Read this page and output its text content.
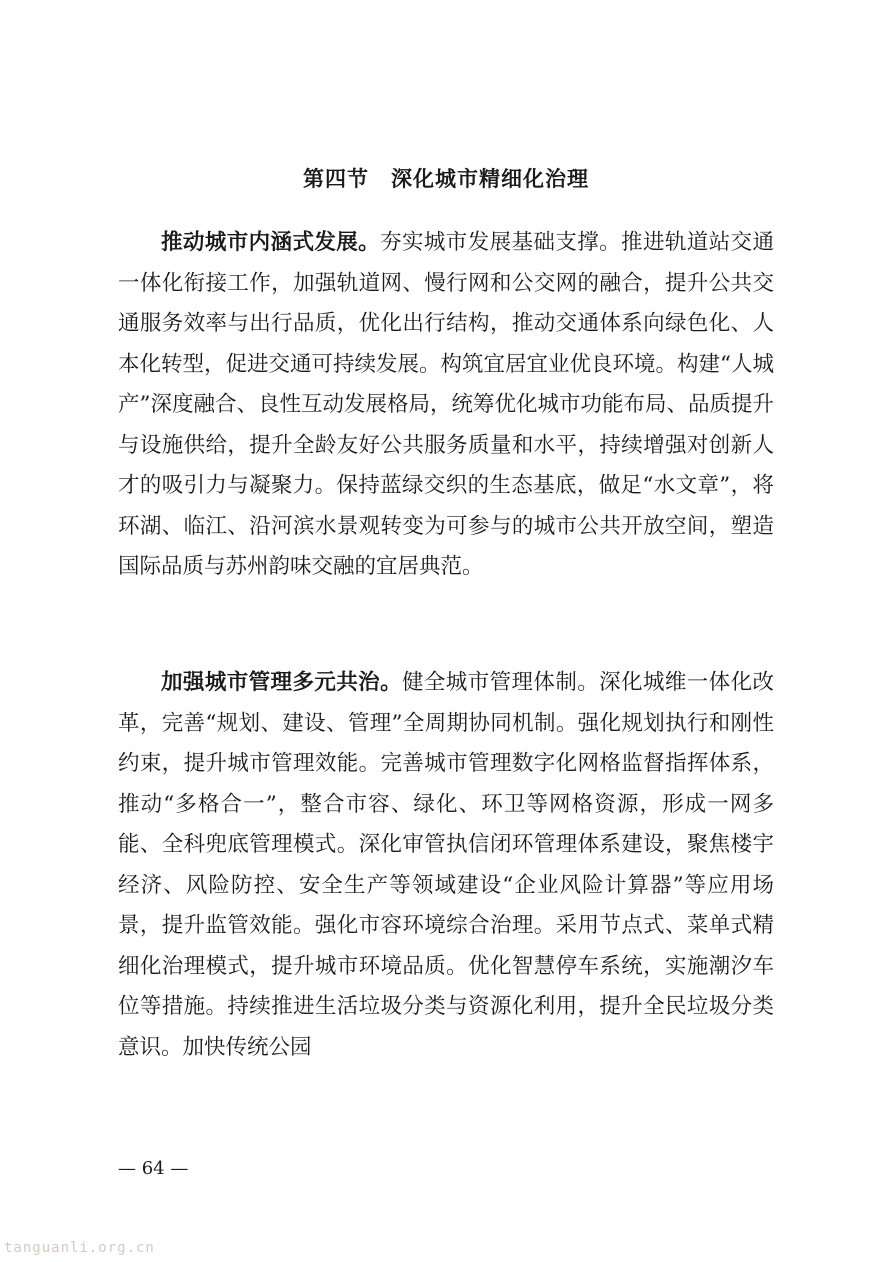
第四节　深化城市精细化治理
推动城市内涵式发展。夯实城市发展基础支撑。推进轨道站交通一体化衔接工作，加强轨道网、慢行网和公交网的融合，提升公共交通服务效率与出行品质，优化出行结构，推动交通体系向绿色化、人本化转型，促进交通可持续发展。构筑宜居宜业优良环境。构建“人城产”深度融合、良性互动发展格局，统筹优化城市功能布局、品质提升与设施供给，提升全龄友好公共服务质量和水平，持续增强对创新人才的吸引力与凝聚力。保持蓝绿交织的生态基底，做足“水文章”，将环湖、临江、沿河滨水景观转变为可参与的城市公共开放空间，塑造国际品质与苏州韵味交融的宜居典范。
加强城市管理多元共治。健全城市管理体制。深化城维一体化改革，完善“规划、建设、管理”全周期协同机制。强化规划执行和刚性约束，提升城市管理效能。完善城市管理数字化网格监督指挥体系，推动“多格合一”，整合市容、绿化、环卫等网格资源，形成一网多能、全科兜底管理模式。深化审管执信闭环管理体系建设，聚焦楼宇经济、风险防控、安全生产等领域建设“企业风险计算器”等应用场景，提升监管效能。强化市容环境综合治理。采用节点式、菜单式精细化治理模式，提升城市环境品质。优化智慧停车系统，实施潮汐车位等措施。持续推进生活垃圾分类与资源化利用，提升全民垃圾分类意识。加快传统公园
— 64 —
tanguanli.org.cn
